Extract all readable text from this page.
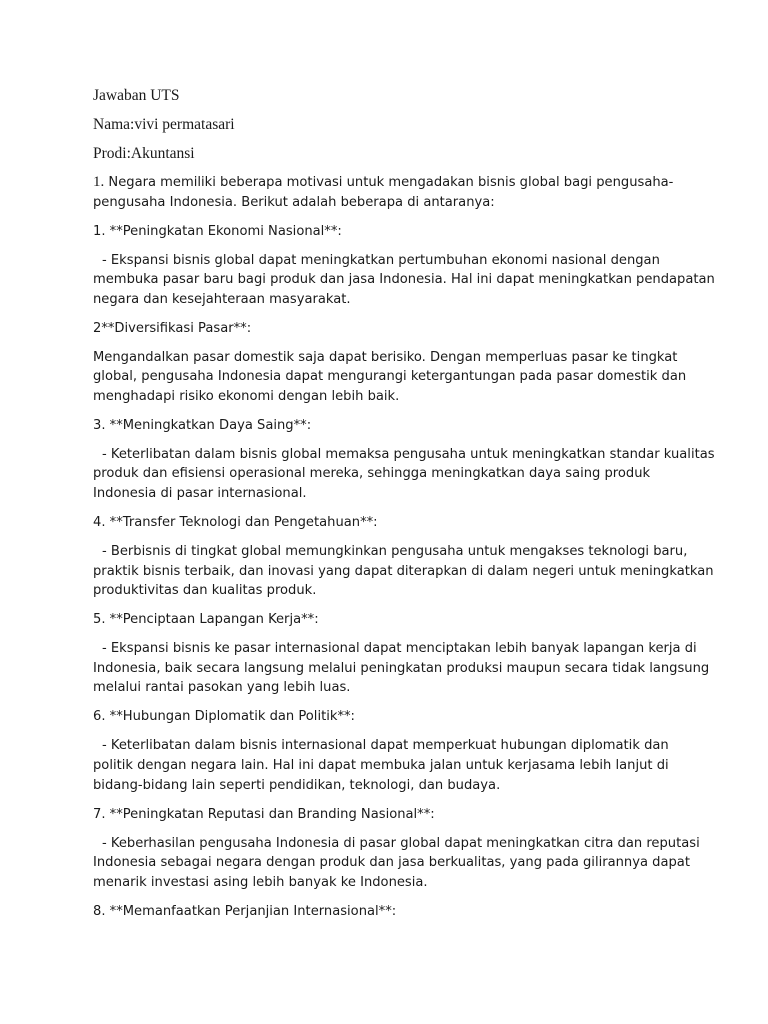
Jawaban UTS

Nama:vivi permatasari

Prodi:Akuntansi

1. Negara memiliki beberapa motivasi untuk mengadakan bisnis global bagi pengusaha-
pengusaha Indonesia. Berikut adalah beberapa di antaranya:

1. **Peningkatan Ekonomi Nasional**:

- Ekspansi bisnis global dapat meningkatkan pertumbuhan ekonomi nasional dengan
membuka pasar baru bagi produk dan jasa Indonesia. Hal ini dapat meningkatkan pendapatan
negara dan kesejahteraan masyarakat.

2**Diversifikasi Pasar**:

Mengandalkan pasar domestik saja dapat berisiko. Dengan memperluas pasar ke tingkat
global, pengusaha Indonesia dapat mengurangi ketergantungan pada pasar domestik dan
menghadapi risiko ekonomi dengan lebih baik.

3. **Meningkatkan Daya Saing**:

- Keterlibatan dalam bisnis global memaksa pengusaha untuk meningkatkan standar kualitas
produk dan efisiensi operasional mereka, sehingga meningkatkan daya saing produk
Indonesia di pasar internasional.

4. **Transfer Teknologi dan Pengetahuan**:

- Berbisnis di tingkat global memungkinkan pengusaha untuk mengakses teknologi baru,
praktik bisnis terbaik, dan inovasi yang dapat diterapkan di dalam negeri untuk meningkatkan
produktivitas dan kualitas produk.

5. **Penciptaan Lapangan Kerja**:

- Ekspansi bisnis ke pasar internasional dapat menciptakan lebih banyak lapangan kerja di
Indonesia, baik secara langsung melalui peningkatan produksi maupun secara tidak langsung
melalui rantai pasokan yang lebih luas.

6. **Hubungan Diplomatik dan Politik**:

- Keterlibatan dalam bisnis internasional dapat memperkuat hubungan diplomatik dan
politik dengan negara lain. Hal ini dapat membuka jalan untuk kerjasama lebih lanjut di
bidang-bidang lain seperti pendidikan, teknologi, dan budaya.

7. **Peningkatan Reputasi dan Branding Nasional**:

- Keberhasilan pengusaha Indonesia di pasar global dapat meningkatkan citra dan reputasi
Indonesia sebagai negara dengan produk dan jasa berkualitas, yang pada gilirannya dapat
menarik investasi asing lebih banyak ke Indonesia.

8. **Memanfaatkan Perjanjian Internasional**:
